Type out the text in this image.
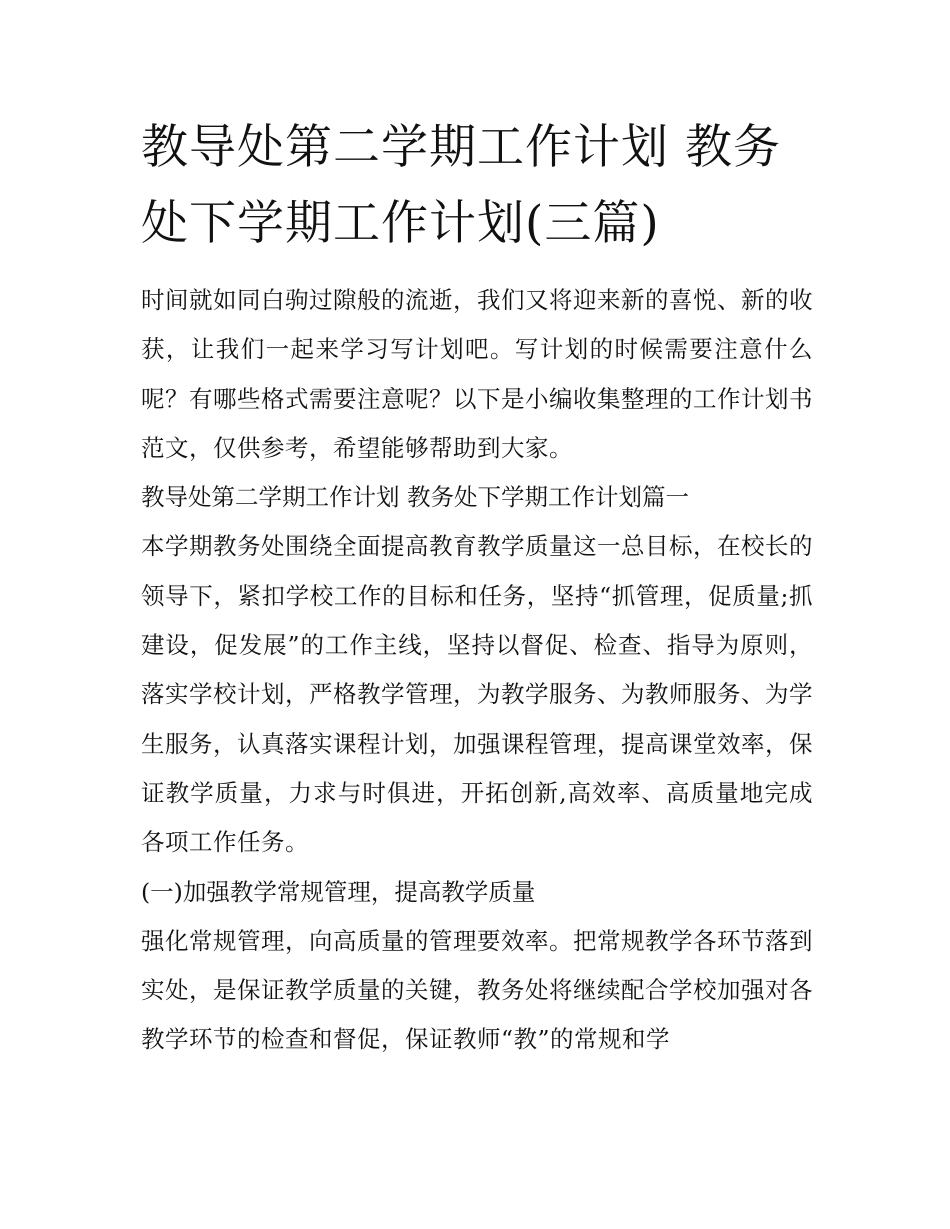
教导处第二学期工作计划 教务处下学期工作计划(三篇)

时间就如同白驹过隙般的流逝，我们又将迎来新的喜悦、新的收获，让我们一起来学习写计划吧。写计划的时候需要注意什么呢？有哪些格式需要注意呢？以下是小编收集整理的工作计划书范文，仅供参考，希望能够帮助到大家。

教导处第二学期工作计划 教务处下学期工作计划篇一

本学期教务处围绕全面提高教育教学质量这一总目标，在校长的领导下，紧扣学校工作的目标和任务，坚持“抓管理，促质量;抓建设，促发展”的工作主线，坚持以督促、检查、指导为原则，落实学校计划，严格教学管理，为教学服务、为教师服务、为学生服务，认真落实课程计划，加强课程管理，提高课堂效率，保证教学质量，力求与时俱进，开拓创新,高效率、高质量地完成各项工作任务。

(一)加强教学常规管理，提高教学质量

强化常规管理，向高质量的管理要效率。把常规教学各环节落到实处，是保证教学质量的关键，教务处将继续配合学校加强对各教学环节的检查和督促，保证教师“教”的常规和学
